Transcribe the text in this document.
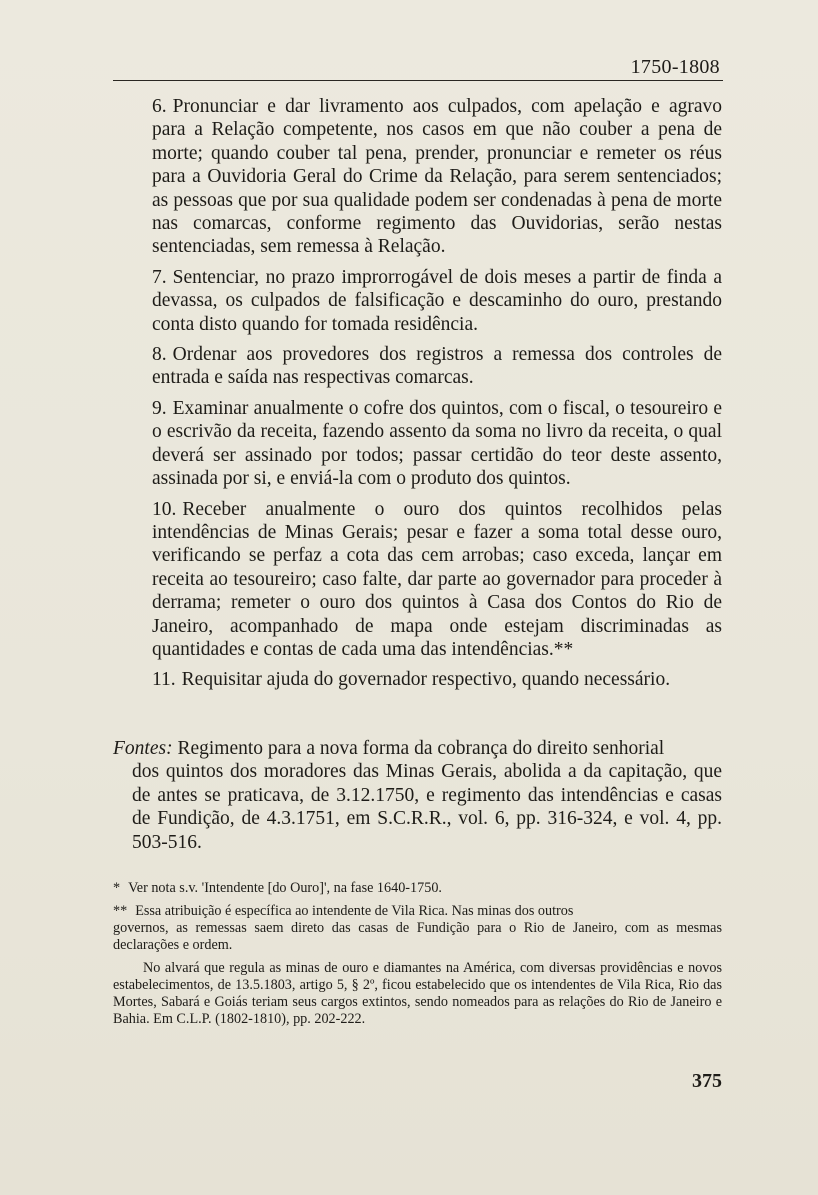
1750-1808

6. Pronunciar e dar livramento aos culpados, com apelação e agravo para a Relação competente, nos casos em que não couber a pena de morte; quando couber tal pena, prender, pronunciar e remeter os réus para a Ouvidoria Geral do Crime da Relação, para serem sentenciados; as pessoas que por sua qualidade podem ser condenadas à pena de morte nas comarcas, conforme regimento das Ouvidorias, serão nestas sentenciadas, sem remessa à Relação.

7. Sentenciar, no prazo improrrogável de dois meses a partir de finda a devassa, os culpados de falsificação e descaminho do ouro, prestando conta disto quando for tomada residência.

8. Ordenar aos provedores dos registros a remessa dos controles de entrada e saída nas respectivas comarcas.

9. Examinar anualmente o cofre dos quintos, com o fiscal, o tesoureiro e o escrivão da receita, fazendo assento da soma no livro da receita, o qual deverá ser assinado por todos; passar certidão do teor deste assento, assinada por si, e enviá-la com o produto dos quintos.

10. Receber anualmente o ouro dos quintos recolhidos pelas intendências de Minas Gerais; pesar e fazer a soma total desse ouro, verificando se perfaz a cota das cem arrobas; caso exceda, lançar em receita ao tesoureiro; caso falte, dar parte ao governador para proceder à derrama; remeter o ouro dos quintos à Casa dos Contos do Rio de Janeiro, acompanhado de mapa onde estejam discriminadas as quantidades e contas de cada uma das intendências.**

11. Requisitar ajuda do governador respectivo, quando necessário.

Fontes: Regimento para a nova forma da cobrança do direito senhorial
dos quintos dos moradores das Minas Gerais, abolida a da capitação, que de antes se praticava, de 3.12.1750, e regimento das intendências e casas de Fundição, de 4.3.1751, em S.C.R.R., vol. 6, pp. 316-324, e vol. 4, pp. 503-516.
* Ver nota s.v. 'Intendente [do Ouro]', na fase 1640-1750.
** Essa atribuição é específica ao intendente de Vila Rica. Nas minas dos outros
governos, as remessas saem direto das casas de Fundição para o Rio de Janeiro, com as mesmas declarações e ordem.

No alvará que regula as minas de ouro e diamantes na América, com diversas providências e novos estabelecimentos, de 13.5.1803, artigo 5, § 2º, ficou estabelecido que os intendentes de Vila Rica, Rio das Mortes, Sabará e Goiás teriam seus cargos extintos, sendo nomeados para as relações do Rio de Janeiro e Bahia. Em C.L.P. (1802-1810), pp. 202-222.

375
